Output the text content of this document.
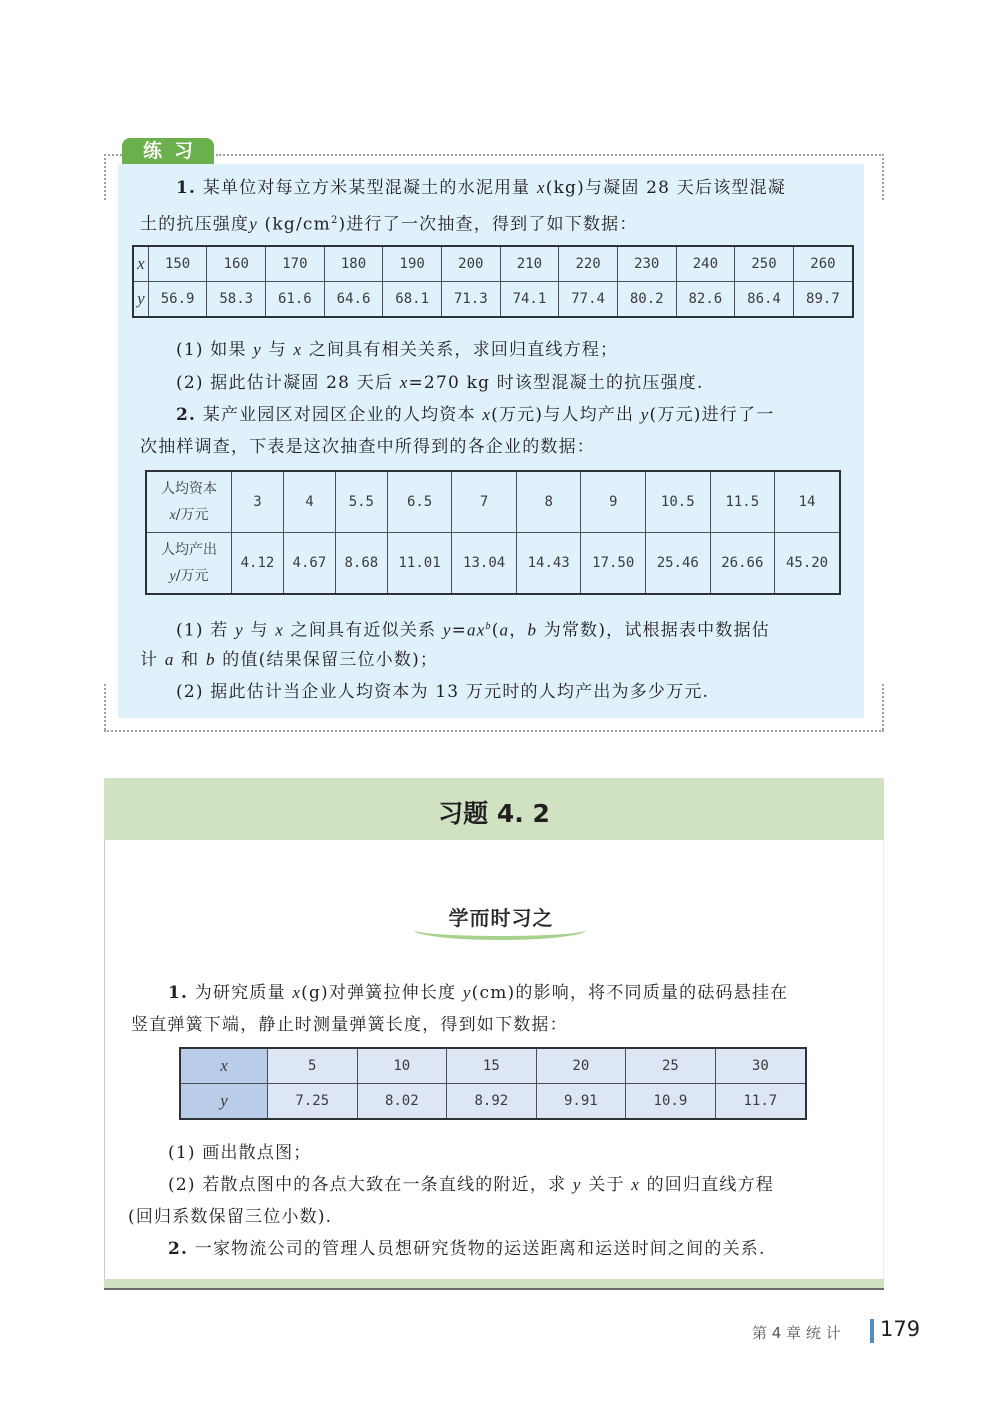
练习
1. 某单位对每立方米某型混凝土的水泥用量 x(kg)与凝固 28 天后该型混凝
土的抗压强度y $(kg/cm^2)$进行了一次抽查，得到了如下数据：
x	150	160	170	180	190	200	210	220	230	240	250	260
y	56.9	58.3	61.6	64.6	68.1	71.3	74.1	77.4	80.2	82.6	86.4	89.7
(1) 如果 y 与 x 之间具有相关关系，求回归直线方程；
(2) 据此估计凝固 28 天后 x=270 kg 时该型混凝土的抗压强度.
2. 某产业园区对园区企业的人均资本 x(万元)与人均产出 y(万元)进行了一
次抽样调查，下表是这次抽查中所得到的各企业的数据：
人均资本
x/万元	3	4	5.5	6.5	7	8	9	10.5	11.5	14

人均产出
y/万元	4.12	4.67	8.68	11.01	13.04	14.43	17.50	25.46	26.66	45.20
(1) 若 y 与 x 之间具有近似关系 $y=ax^b(a$，b 为常数)，试根据表中数据估
计 a 和 b 的值(结果保留三位小数)；
(2) 据此估计当企业人均资本为 13 万元时的人均产出为多少万元.
习题 4. 2
学而时习之
1. 为研究质量 x(g)对弹簧拉伸长度 y(cm)的影响，将不同质量的砝码悬挂在
竖直弹簧下端，静止时测量弹簧长度，得到如下数据：
x	5	10	15	20	25	30
y	7.25	8.02	8.92	9.91	10.9	11.7
(1) 画出散点图；
(2) 若散点图中的各点大致在一条直线的附近，求 y 关于 x 的回归直线方程
(回归系数保留三位小数).
2. 一家物流公司的管理人员想研究货物的运送距离和运送时间之间的关系.
第 4 章 统 计 179
